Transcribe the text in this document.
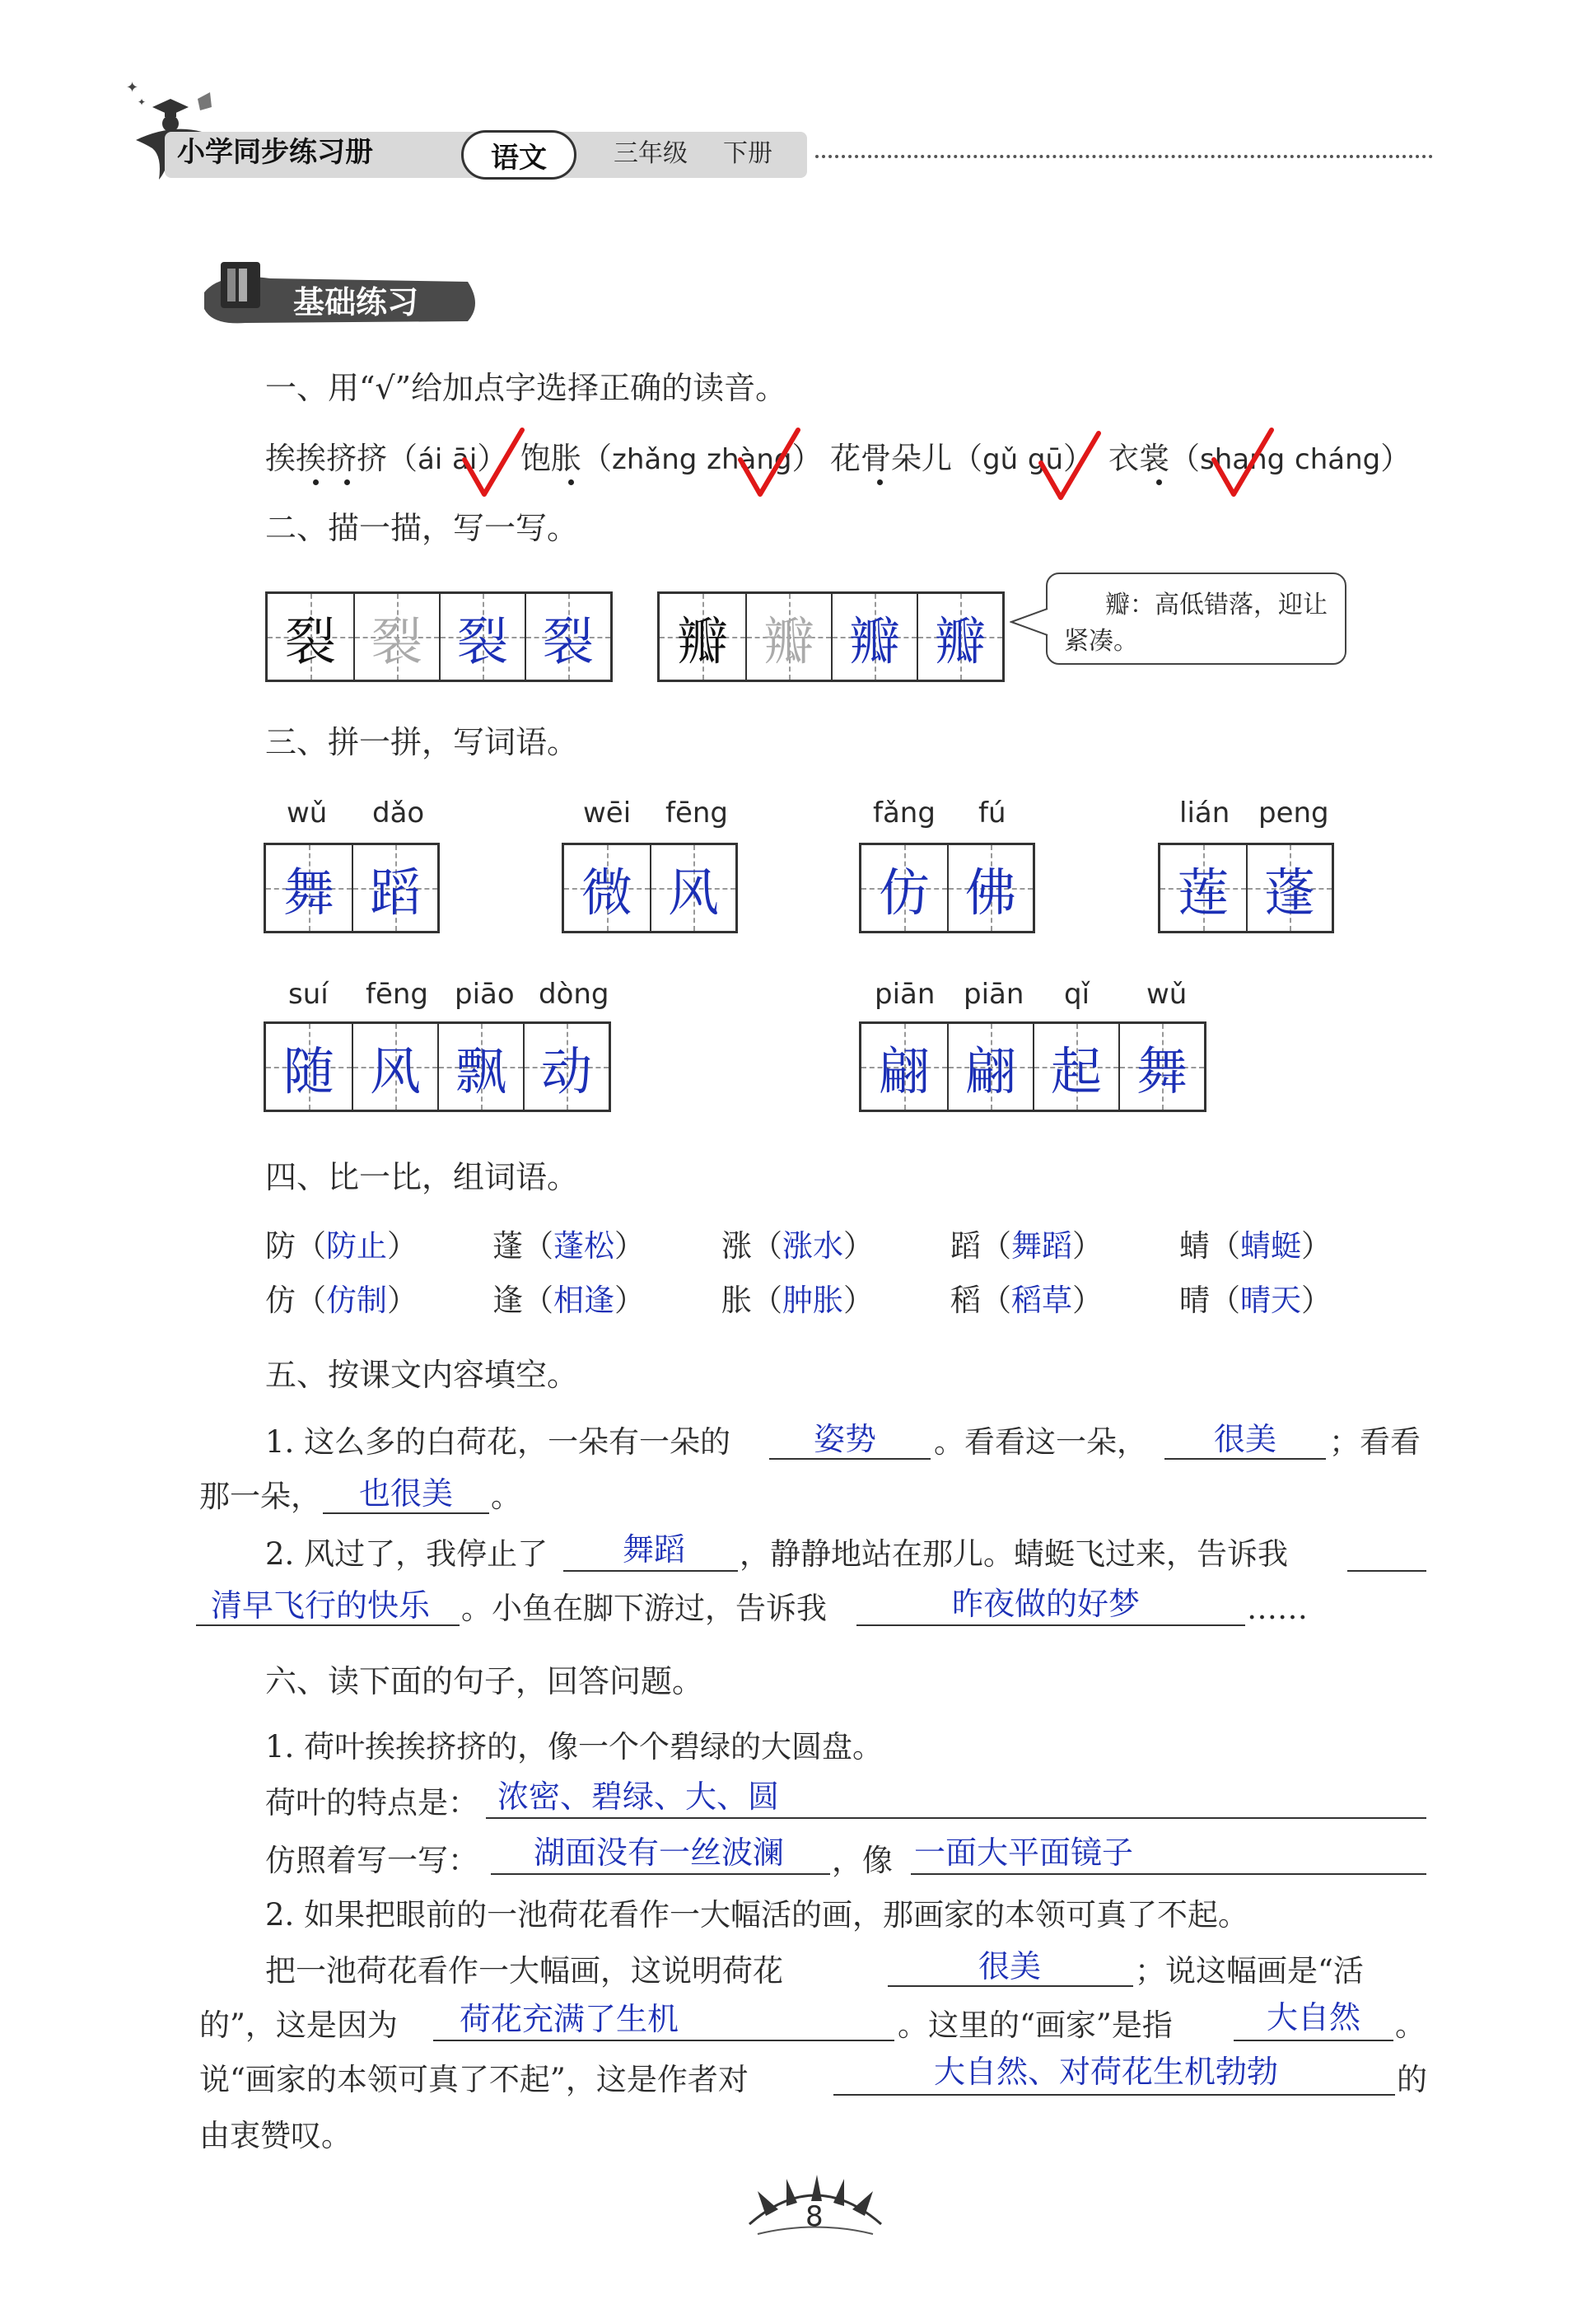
✦
✦
小学同步练习册	语文	三年级 下册
基础练习
一、用“√”给加点字选择正确的读音。
挨挨挤挤（ái āi） 饱胀（zhǎng zhàng） 花骨朵儿（gǔ gū） 衣裳（shang cháng）
二、描一描，写一写。
裂 裂 裂 裂 瓣 瓣 瓣 瓣
瓣：高低错落，迎让紧凑。
三、拼一拼，写词语。
wǔ dǎo
舞 蹈
wēi fēng
微 风
fǎng fú
仿 佛
lián peng
莲 蓬
suí fēng piāo dòng
随 风 飘 动
piān piān qǐ wǔ
翩 翩 起 舞
四、比一比，组词语。
防（防止） 蓬（蓬松）	涨（涨水）	蹈（舞蹈）	蜻（蜻蜓）
仿（仿制） 逢（相逢）	胀（肿胀）	稻（稻草）	晴（晴天）
五、按课文内容填空。
1. 这么多的白荷花，一朵有一朵的	姿势 。看看这一朵， 很美 ；看看
那一朵， 也很美 。
2. 风过了，我停止了 舞蹈 ，静静地站在那儿。蜻蜓飞过来，告诉我
清早飞行的快乐 。小鱼在脚下游过，告诉我	昨夜做的好梦	……
六、读下面的句子，回答问题。
1. 荷叶挨挨挤挤的，像一个个碧绿的大圆盘。
荷叶的特点是： 浓密、碧绿、大、圆
仿照着写一写： 湖面没有一丝波澜 ，像 一面大平面镜子
2. 如果把眼前的一池荷花看作一大幅活的画，那画家的本领可真了不起。
把一池荷花看作一大幅画，这说明荷花	很美	；说这幅画是“活
的”，这是因为 荷花充满了生机	。这里的“画家”是指	大自然 。
说“画家的本领可真了不起”，这是作者对	大自然、对荷花生机勃勃	的
由衷赞叹。
8
